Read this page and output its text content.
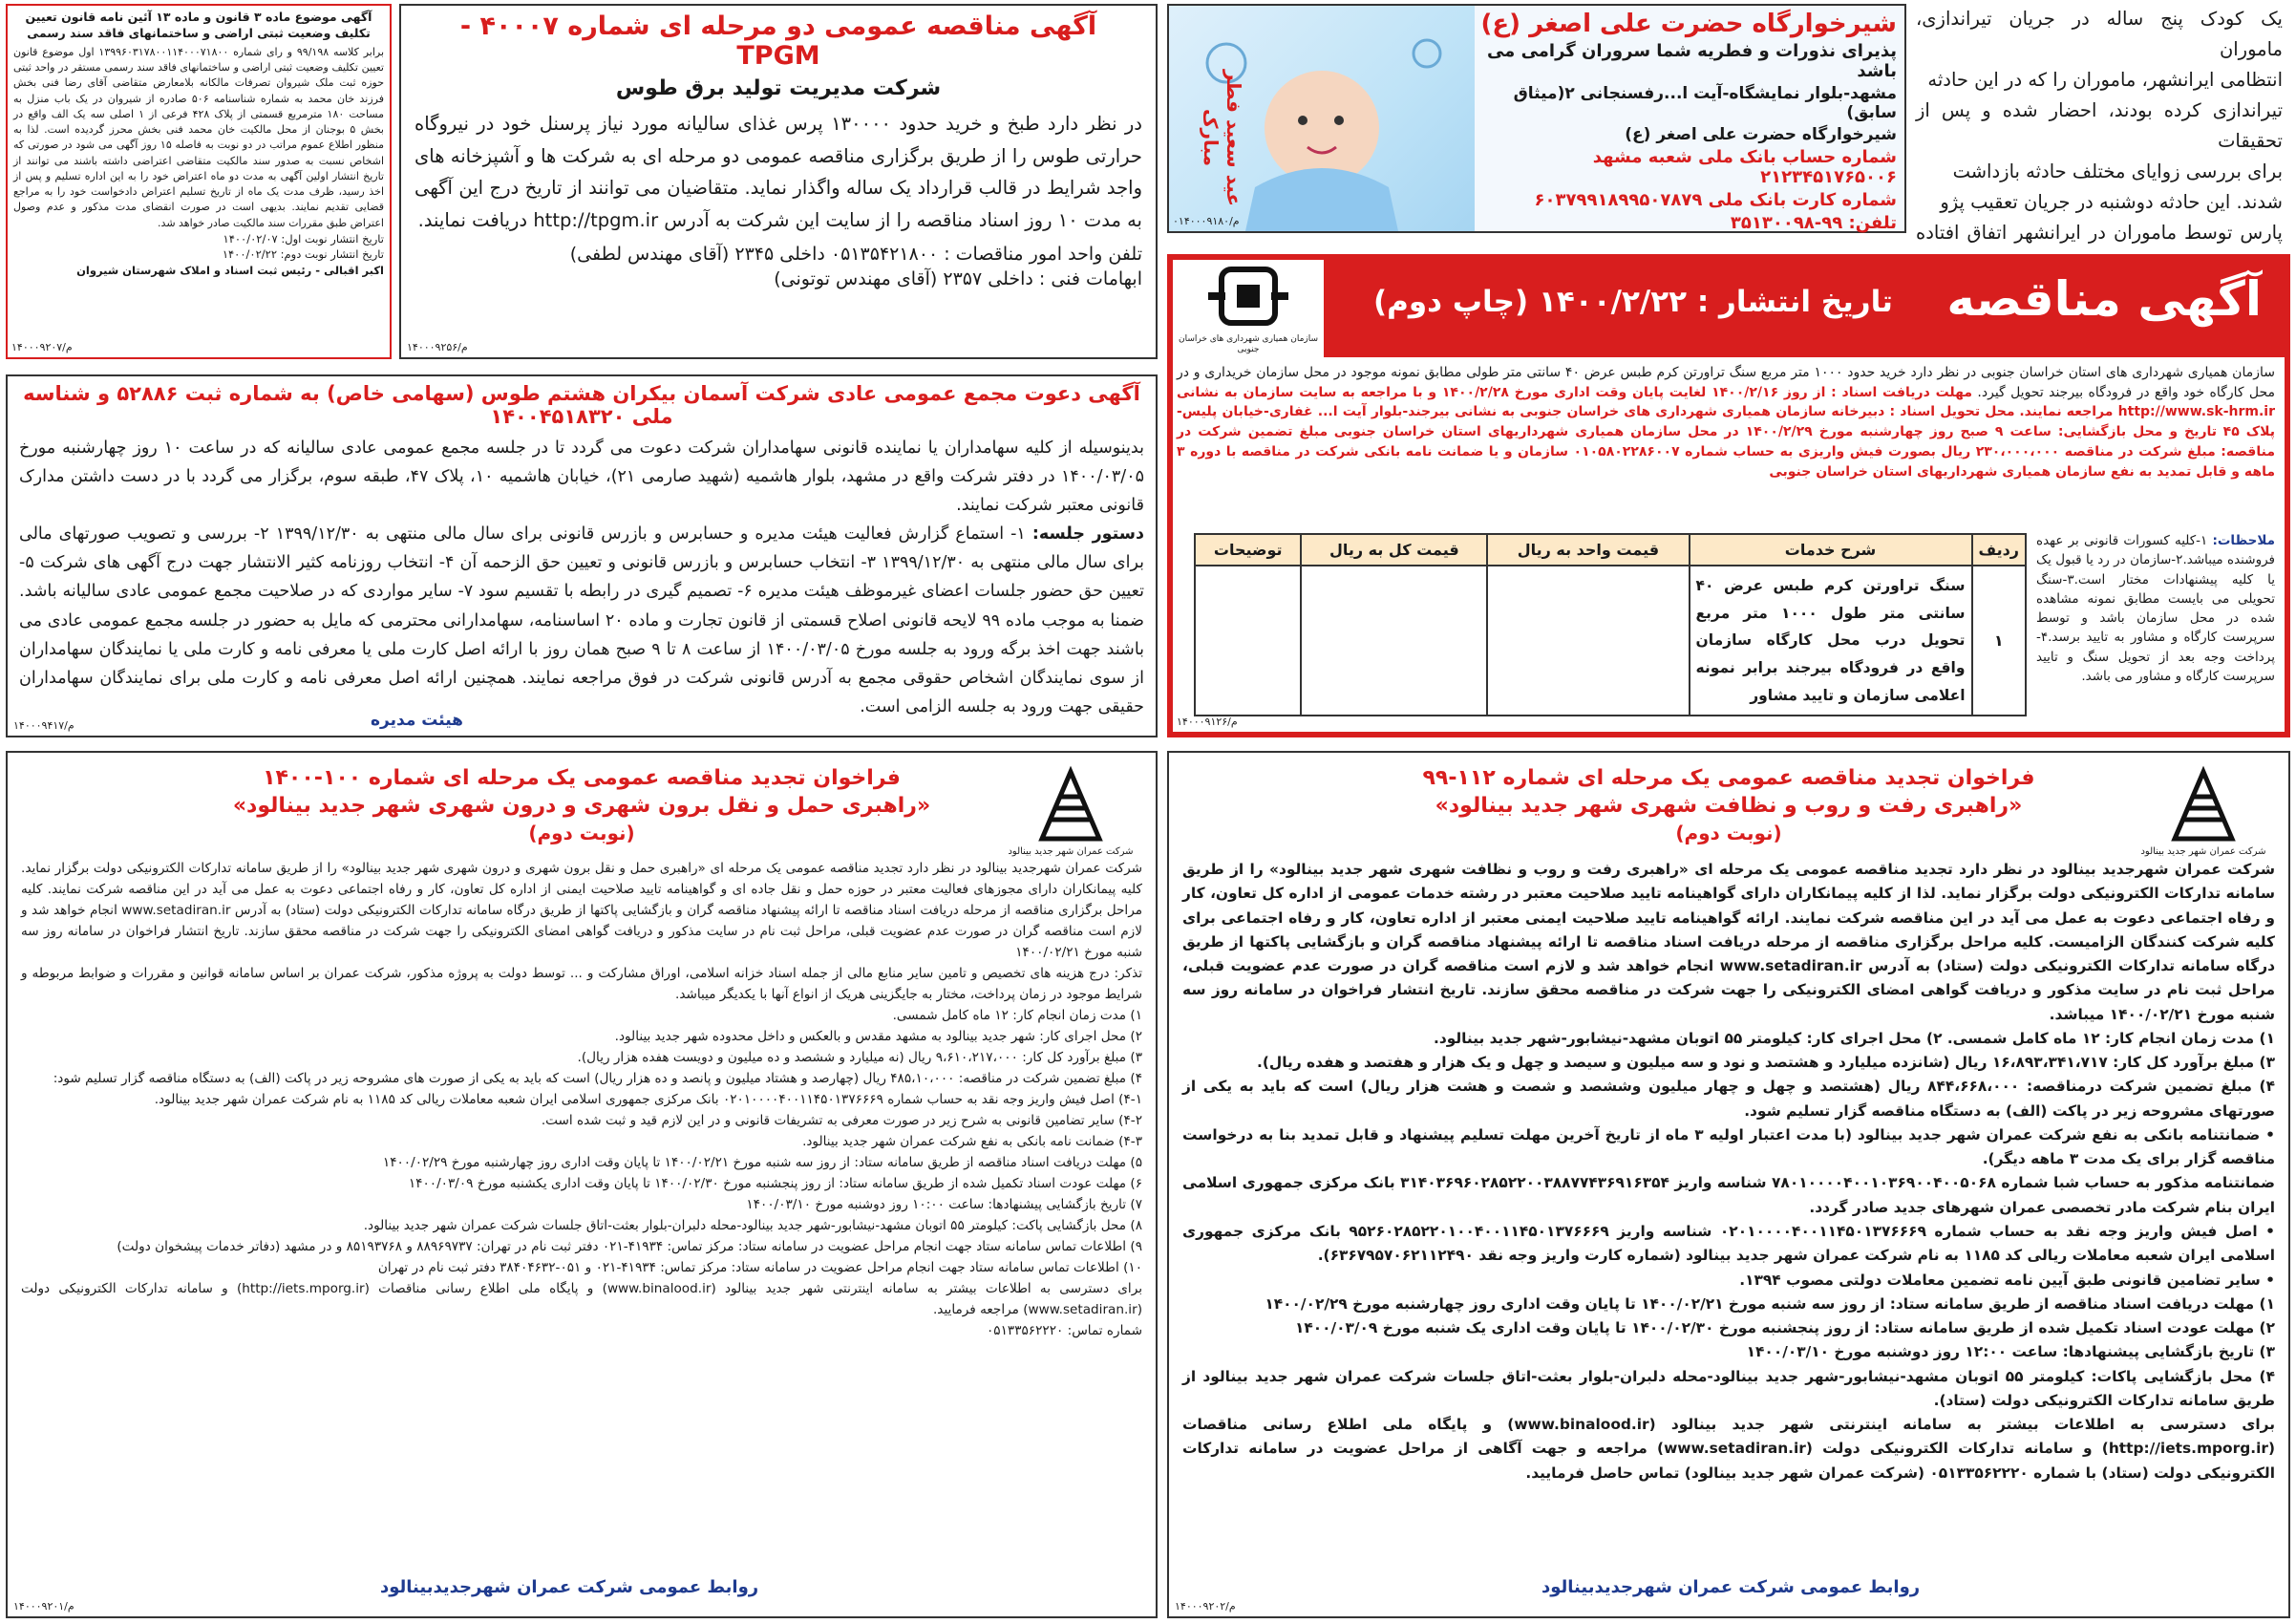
یک کودک پنج ساله در جریان تیراندازی، ماموران
انتظامی ایرانشهر، ماموران را که در این حادثه
تیراندازی کرده بودند، احضار شده و پس از تحقیقات
برای بررسی زوایای مختلف حادثه بازداشت
شدند. این حادثه دوشنبه در جریان تعقیب پژو
پارس توسط ماموران در ایرانشهر اتفاق افتاده
عید سعید فطر مبارک
شیرخوارگاه حضرت علی اصغر (ع)
پذیرای نذورات و فطریه شما سروران گرامی می باشد
مشهد-بلوار نمایشگاه-آیت ا...رفسنجانی ۲(میثاق سابق)
شیرخوارگاه حضرت علی اصغر (ع)
شماره حساب بانک ملی شعبه مشهد ۲۱۲۳۴۵۱۷۶۵۰۰۶
شماره کارت بانک ملی ۶۰۳۷۹۹۱۸۹۹۵۰۷۸۷۹
تلفن: ۹۹-۳۵۱۳۰۰۹۸
۰۱۴۰۰۰۹۱۸۰/م
آگهی مناقصه عمومی دو مرحله ای شماره ۴۰۰۰۷ - TPGM
شرکت مدیریت تولید برق طوس
در نظر دارد طبخ و خرید حدود ۱۳۰۰۰۰ پرس غذای سالیانه مورد نیاز پرسنل خود در نیروگاه حرارتی طوس را از طریق برگزاری مناقصه عمومی دو مرحله ای به شرکت ها و آشپزخانه های واجد شرایط در قالب قرارداد یک ساله واگذار نماید. متقاضیان می توانند از تاریخ درج این آگهی به مدت ۱۰ روز اسناد مناقصه را از سایت این شرکت به آدرس http://tpgm.ir دریافت نمایند.
تلفن واحد امور مناقصات : ۰۵۱۳۵۴۲۱۸۰۰ داخلی ۲۳۴۵ (آقای مهندس لطفی)
ابهامات فنی : داخلی ۲۳۵۷ (آقای مهندس توتونی)
۱۴۰۰۰۹۲۵۶/م
آگهی موضوع ماده ۳ قانون و ماده ۱۳ آئین نامه قانون تعیین تکلیف وضعیت ثبتی اراضی و ساختمانهای فاقد سند رسمی
برابر کلاسه ۹۹/۱۹۸ و رای شماره ۱۳۹۹۶۰۳۱۷۸۰۰۱۱۴۰۰۰۷۱۸۰۰ اول موضوع قانون تعیین تکلیف وضعیت ثبتی اراضی و ساختمانهای فاقد سند رسمی مستقر در واحد ثبتی حوزه ثبت ملک شیروان تصرفات مالکانه بلامعارض متقاضی آقای رضا فنی بخش فرزند خان محمد به شماره شناسنامه ۵۰۶ صادره از شیروان در یک باب منزل به مساحت ۱۸۰ مترمربع قسمتی از پلاک ۴۲۸ فرعی از ۱ اصلی سه یک الف واقع در بخش ۵ بوجنان از محل مالکیت خان محمد فنی بخش محرز گردیده است. لذا به منظور اطلاع عموم مراتب در دو نوبت به فاصله ۱۵ روز آگهی می شود در صورتی که اشخاص نسبت به صدور سند مالکیت متقاضی اعتراضی داشته باشند می توانند از تاریخ انتشار اولین آگهی به مدت دو ماه اعتراض خود را به این اداره تسلیم و پس از اخذ رسید، ظرف مدت یک ماه از تاریخ تسلیم اعتراض دادخواست خود را به مراجع قضایی تقدیم نمایند. بدیهی است در صورت انقضای مدت مذکور و عدم وصول اعتراض طبق مقررات سند مالکیت صادر خواهد شد.
تاریخ انتشار نوبت اول: ۱۴۰۰/۰۲/۰۷
تاریخ انتشار نوبت دوم: ۱۴۰۰/۰۲/۲۲
اکبر اقبالی - رئیس ثبت اسناد و املاک شهرستان شیروان
۱۴۰۰۰۹۲۰۷/م
آگهی مناقصه
تاریخ انتشار : ۱۴۰۰/۲/۲۲ (چاپ دوم)
سازمان همیاری شهرداری های خراسان جنوبی
سازمان همیاری شهرداری های استان خراسان جنوبی در نظر دارد خرید حدود ۱۰۰۰ متر مربع سنگ تراورتن کرم طبس عرض ۴۰ سانتی متر طولی مطابق نمونه موجود در محل سازمان خریداری و در محل کارگاه خود واقع در فرودگاه بیرجند تحویل گیرد. مهلت دریافت اسناد : از روز ۱۴۰۰/۲/۱۶ لغایت پایان وقت اداری مورخ ۱۴۰۰/۲/۲۸ و با مراجعه به سایت سازمان به نشانی http://www.sk-hrm.ir مراجعه نمایند. محل تحویل اسناد : دبیرخانه سازمان همیاری شهرداری های خراسان جنوبی به نشانی بیرجند-بلوار آیت ا... غفاری-خیابان پلیس-پلاک ۴۵ تاریخ و محل بازگشایی: ساعت ۹ صبح روز چهارشنبه مورخ ۱۴۰۰/۲/۲۹ در محل سازمان همیاری شهرداریهای استان خراسان جنوبی مبلغ تضمین شرکت در مناقصه: مبلغ شرکت در مناقصه ۲۳۰،۰۰۰،۰۰۰ ریال بصورت فیش واریزی به حساب شماره ۰۱۰۵۸۰۲۲۸۶۰۰۷ سازمان و یا ضمانت نامه بانکی شرکت در مناقصه با دوره ۳ ماهه و قابل تمدید به نفع سازمان همیاری شهرداریهای استان خراسان جنوبی
ملاحظات: ۱-کلیه کسورات قانونی بر عهده فروشنده میباشد.۲-سازمان در رد یا قبول یک یا کلیه پیشنهادات مختار است.۳-سنگ تحویلی می بایست مطابق نمونه مشاهده شده در محل سازمان باشد و توسط سرپرست کارگاه و مشاور به تایید برسد.۴-پرداخت وجه بعد از تحویل سنگ و تایید سرپرست کارگاه و مشاور می باشد.
ردیف	شرح خدمات	قیمت واحد به ریال	قیمت کل به ریال	توضیحات
۱	سنگ تراورتن کرم طبس عرض ۴۰ سانتی متر طول ۱۰۰۰ متر مربع تحویل درب محل کارگاه سازمان واقع در فرودگاه بیرجند برابر نمونه اعلامی سازمان و تایید مشاور			
۱۴۰۰۰۹۱۲۶/م
آگهی دعوت مجمع عمومی عادی شرکت آسمان بیکران هشتم طوس (سهامی خاص) به شماره ثبت ۵۲۸۸۶ و شناسه ملی ۱۴۰۰۴۵۱۸۳۲۰
بدینوسیله از کلیه سهامداران یا نماینده قانونی سهامداران شرکت دعوت می گردد تا در جلسه مجمع عمومی عادی سالیانه که در ساعت ۱۰ روز چهارشنبه مورخ ۱۴۰۰/۰۳/۰۵ در دفتر شرکت واقع در مشهد، بلوار هاشمیه (شهید صارمی ۲۱)، خیابان هاشمیه ۱۰، پلاک ۴۷، طبقه سوم، برگزار می گردد با در دست داشتن مدارک قانونی معتبر شرکت نمایند.
دستور جلسه: ۱- استماع گزارش فعالیت هیئت مدیره و حسابرس و بازرس قانونی برای سال مالی منتهی به ۱۳۹۹/۱۲/۳۰ ۲- بررسی و تصویب صورتهای مالی برای سال مالی منتهی به ۱۳۹۹/۱۲/۳۰ ۳- انتخاب حسابرس و بازرس قانونی و تعیین حق الزحمه آن ۴- انتخاب روزنامه کثیر الانتشار جهت درج آگهی های شرکت ۵- تعیین حق حضور جلسات اعضای غیرموظف هیئت مدیره ۶- تصمیم گیری در رابطه با تقسیم سود ۷- سایر مواردی که در صلاحیت مجمع عمومی عادی سالیانه باشد. ضمنا به موجب ماده ۹۹ لایحه قانونی اصلاح قسمتی از قانون تجارت و ماده ۲۰ اساسنامه، سهامدارانی محترمی که مایل به حضور در جلسه مجمع عمومی عادی می باشند جهت اخذ برگه ورود به جلسه مورخ ۱۴۰۰/۰۳/۰۵ از ساعت ۸ تا ۹ صبح همان روز با ارائه اصل کارت ملی یا معرفی نامه و کارت ملی یا نمایندگان سهامداران از سوی نمایندگان اشخاص حقوقی مجمع به آدرس قانونی شرکت در فوق مراجعه نمایند. همچنین ارائه اصل معرفی نامه و کارت ملی برای نمایندگان سهامداران حقیقی جهت ورود به جلسه الزامی است.
هیئت مدیره
۱۴۰۰۰۹۴۱۷/م
شرکت عمران شهر جدید بینالود
فراخوان تجدید مناقصه عمومی یک مرحله ای شماره ۱۰۰-۱۴۰۰
«راهبری حمل و نقل برون شهری و درون شهری شهر جدید بینالود»
(نوبت دوم)
شرکت عمران شهرجدید بینالود در نظر دارد تجدید مناقصه عمومی یک مرحله ای «راهبری حمل و نقل برون شهری و درون شهری شهر جدید بینالود» را از طریق سامانه تدارکات الکترونیکی دولت برگزار نماید. کلیه پیمانکاران دارای مجوزهای فعالیت معتبر در حوزه حمل و نقل جاده ای و گواهینامه تایید صلاحیت ایمنی از اداره کل تعاون، کار و رفاه اجتماعی دعوت به عمل می آید در این مناقصه شرکت نمایند. کلیه مراحل برگزاری مناقصه از مرحله دریافت اسناد مناقصه تا ارائه پیشنهاد مناقصه گران و بازگشایی پاکتها از طریق درگاه سامانه تدارکات الکترونیکی دولت (ستاد) به آدرس www.setadiran.ir انجام خواهد شد و لازم است مناقصه گران در صورت عدم عضویت قبلی، مراحل ثبت نام در سایت مذکور و دریافت گواهی امضای الکترونیکی را جهت شرکت در مناقصه محقق سازند. تاریخ انتشار فراخوان در سامانه روز سه شنبه مورخ ۱۴۰۰/۰۲/۲۱
تذکر: درج هزینه های تخصیص و تامین سایر منابع مالی از جمله اسناد خزانه اسلامی، اوراق مشارکت و ... توسط دولت به پروژه مذکور، شرکت عمران بر اساس سامانه قوانین و مقررات و ضوابط مربوطه و شرایط موجود در زمان پرداخت، مختار به جایگزینی هریک از انواع آنها با یکدیگر میباشد.
۱) مدت زمان انجام کار: ۱۲ ماه کامل شمسی.
۲) محل اجرای کار: شهر جدید بینالود به مشهد مقدس و بالعکس و داخل محدوده شهر جدید بینالود.
۳) مبلغ برآورد کل کار: ۹،۶۱۰،۲۱۷،۰۰۰ ریال (نه میلیارد و ششصد و ده میلیون و دویست هفده هزار ریال).
۴) مبلغ تضمین شرکت در مناقصه: ۴۸۵،۱۰،۰۰۰ ریال (چهارصد و هشتاد میلیون و پانصد و ده هزار ریال) است که باید به یکی از صورت های مشروحه زیر در پاکت (الف) به دستگاه مناقصه گزار تسلیم شود:
۴-۱) اصل فیش واریز وجه نقد به حساب شماره ۰۲۰۱۰۰۰۰۴۰۰۱۱۴۵۰۱۳۷۶۶۶۹ بانک مرکزی جمهوری اسلامی ایران شعبه معاملات ریالی کد ۱۱۸۵ به نام شرکت عمران شهر جدید بینالود.
۴-۲) سایر تضامین قانونی به شرح زیر در صورت معرفی به تشریفات قانونی و در این لازم قید و ثبت شده است.
۴-۳) ضمانت نامه بانکی به نفع شرکت عمران شهر جدید بینالود.
۵) مهلت دریافت اسناد مناقصه از طریق سامانه ستاد: از روز سه شنبه مورخ ۱۴۰۰/۰۲/۲۱ تا پایان وقت اداری روز چهارشنبه مورخ ۱۴۰۰/۰۲/۲۹
۶) مهلت عودت اسناد تکمیل شده از طریق سامانه ستاد: از روز پنجشنبه مورخ ۱۴۰۰/۰۲/۳۰ تا پایان وقت اداری یکشنبه مورخ ۱۴۰۰/۰۳/۰۹
۷) تاریخ بازگشایی پیشنهادها: ساعت ۱۰:۰۰ روز دوشنبه مورخ ۱۴۰۰/۰۳/۱۰
۸) محل بازگشایی پاکت: کیلومتر ۵۵ اتوبان مشهد-نیشابور-شهر جدید بینالود-محله دلبران-بلوار بعثت-اتاق جلسات شرکت عمران شهر جدید بینالود.
۹) اطلاعات تماس سامانه ستاد جهت انجام مراحل عضویت در سامانه ستاد: مرکز تماس: ۴۱۹۳۴-۰۲۱ دفتر ثبت نام در تهران: ۸۸۹۶۹۷۳۷ و ۸۵۱۹۳۷۶۸ و در مشهد (دفاتر خدمات پیشخوان دولت)
۱۰) اطلاعات تماس سامانه ستاد جهت انجام مراحل عضویت در سامانه ستاد: مرکز تماس: ۴۱۹۳۴-۰۲۱ و ۰۵۱-۳۸۴۰۴۶۳۲ دفتر ثبت نام در تهران
برای دسترسی به اطلاعات بیشتر به سامانه اینترنتی شهر جدید بینالود (www.binalood.ir) و پایگاه ملی اطلاع رسانی مناقصات (http://iets.mporg.ir) و سامانه تدارکات الکترونیکی دولت (www.setadiran.ir) مراجعه فرمایید.
شماره تماس: ۰۵۱۳۳۵۶۲۲۲۰
روابط عمومی شرکت عمران شهرجدیدبینالود
۱۴۰۰۰۹۲۰۱/م
شرکت عمران شهر جدید بینالود
فراخوان تجدید مناقصه عمومی یک مرحله ای شماره ۱۱۲-۹۹
«راهبری رفت و روب و نظافت شهری شهر جدید بینالود»
(نوبت دوم)
شرکت عمران شهرجدید بینالود در نظر دارد تجدید مناقصه عمومی یک مرحله ای «راهبری رفت و روب و نظافت شهری شهر جدید بینالود» را از طریق سامانه تدارکات الکترونیکی دولت برگزار نماید. لذا از کلیه پیمانکاران دارای گواهینامه تایید صلاحیت معتبر در رشته خدمات عمومی از اداره کل تعاون، کار و رفاه اجتماعی دعوت به عمل می آید در این مناقصه شرکت نمایند. ارائه گواهینامه تایید صلاحیت ایمنی معتبر از اداره تعاون، کار و رفاه اجتماعی برای کلیه شرکت کنندگان الزامیست. کلیه مراحل برگزاری مناقصه از مرحله دریافت اسناد مناقصه تا ارائه پیشنهاد مناقصه گران و بازگشایی پاکتها از طریق درگاه سامانه تدارکات الکترونیکی دولت (ستاد) به آدرس www.setadiran.ir انجام خواهد شد و لازم است مناقصه گران در صورت عدم عضویت قبلی، مراحل ثبت نام در سایت مذکور و دریافت گواهی امضای الکترونیکی را جهت شرکت در مناقصه محقق سازند. تاریخ انتشار فراخوان در سامانه روز سه شنبه مورخ ۱۴۰۰/۰۲/۲۱ میباشد.
۱) مدت زمان انجام کار: ۱۲ ماه کامل شمسی. ۲) محل اجرای کار: کیلومتر ۵۵ اتوبان مشهد-نیشابور-شهر جدید بینالود.
۳) مبلغ برآورد کل کار: ۱۶،۸۹۳،۳۴۱،۷۱۷ ریال (شانزده میلیارد و هشتصد و نود و سه میلیون و سیصد و چهل و یک هزار و هفتصد و هفده ریال).
۴) مبلغ تضمین شرکت درمناقصه: ۸۴۴،۶۶۸،۰۰۰ ریال (هشتصد و چهل و چهار میلیون وششصد و شصت و هشت هزار ریال) است که باید به یکی از صورتهای مشروحه زیر در پاکت (الف) به دستگاه مناقصه گزار تسلیم شود.
• ضمانتنامه بانکی به نفع شرکت عمران شهر جدید بینالود (با مدت اعتبار اولیه ۳ ماه از تاریخ آخرین مهلت تسلیم پیشنهاد و قابل تمدید بنا به درخواست مناقصه گزار برای یک مدت ۳ ماهه دیگر).
ضمانتنامه مذکور به حساب شبا شماره ۷۸۰۱۰۰۰۰۴۰۰۱۰۳۶۹۰۰۴۰۰۵۰۶۸ شناسه واریز ۳۱۴۰۳۶۹۶۰۲۸۵۲۲۰۰۳۸۸۷۷۴۳۶۹۱۶۳۵۴ بانک مرکزی جمهوری اسلامی ایران بنام شرکت مادر تخصصی عمران شهرهای جدید صادر گردد.
• اصل فیش واریز وجه نقد به حساب شماره ۰۲۰۱۰۰۰۰۴۰۰۱۱۴۵۰۱۳۷۶۶۶۹ شناسه واریز ۹۵۲۶۰۲۸۵۲۲۰۱۰۰۴۰۰۱۱۴۵۰۱۳۷۶۶۶۹ بانک مرکزی جمهوری اسلامی ایران شعبه معاملات ریالی کد ۱۱۸۵ به نام شرکت عمران شهر جدید بینالود (شماره کارت واریز وجه نقد ۶۳۶۷۹۵۷۰۶۲۱۱۲۴۹۰).
• سایر تضامین قانونی طبق آیین نامه تضمین معاملات دولتی مصوب ۱۳۹۴.
۱) مهلت دریافت اسناد مناقصه از طریق سامانه ستاد: از روز سه شنبه مورخ ۱۴۰۰/۰۲/۲۱ تا پایان وقت اداری روز چهارشنبه مورخ ۱۴۰۰/۰۲/۲۹
۲) مهلت عودت اسناد تکمیل شده از طریق سامانه ستاد: از روز پنجشنبه مورخ ۱۴۰۰/۰۲/۳۰ تا پایان وقت اداری یک شنبه مورخ ۱۴۰۰/۰۳/۰۹
۳) تاریخ بازگشایی پیشنهادها: ساعت ۱۲:۰۰ روز دوشنبه مورخ ۱۴۰۰/۰۳/۱۰
۴) محل بازگشایی پاکات: کیلومتر ۵۵ اتوبان مشهد-نیشابور-شهر جدید بینالود-محله دلبران-بلوار بعثت-اتاق جلسات شرکت عمران شهر جدید بینالود از طریق سامانه تدارکات الکترونیکی دولت (ستاد).
برای دسترسی به اطلاعات بیشتر به سامانه اینترنتی شهر جدید بینالود (www.binalood.ir) و پایگاه ملی اطلاع رسانی مناقصات (http://iets.mporg.ir) و سامانه تدارکات الکترونیکی دولت (www.setadiran.ir) مراجعه و جهت آگاهی از مراحل عضویت در سامانه تدارکات الکترونیکی دولت (ستاد) با شماره ۰۵۱۳۳۵۶۲۲۲۰ (شرکت عمران شهر جدید بینالود) تماس حاصل فرمایید.
روابط عمومی شرکت عمران شهرجدیدبینالود
۱۴۰۰۰۹۲۰۲/م
